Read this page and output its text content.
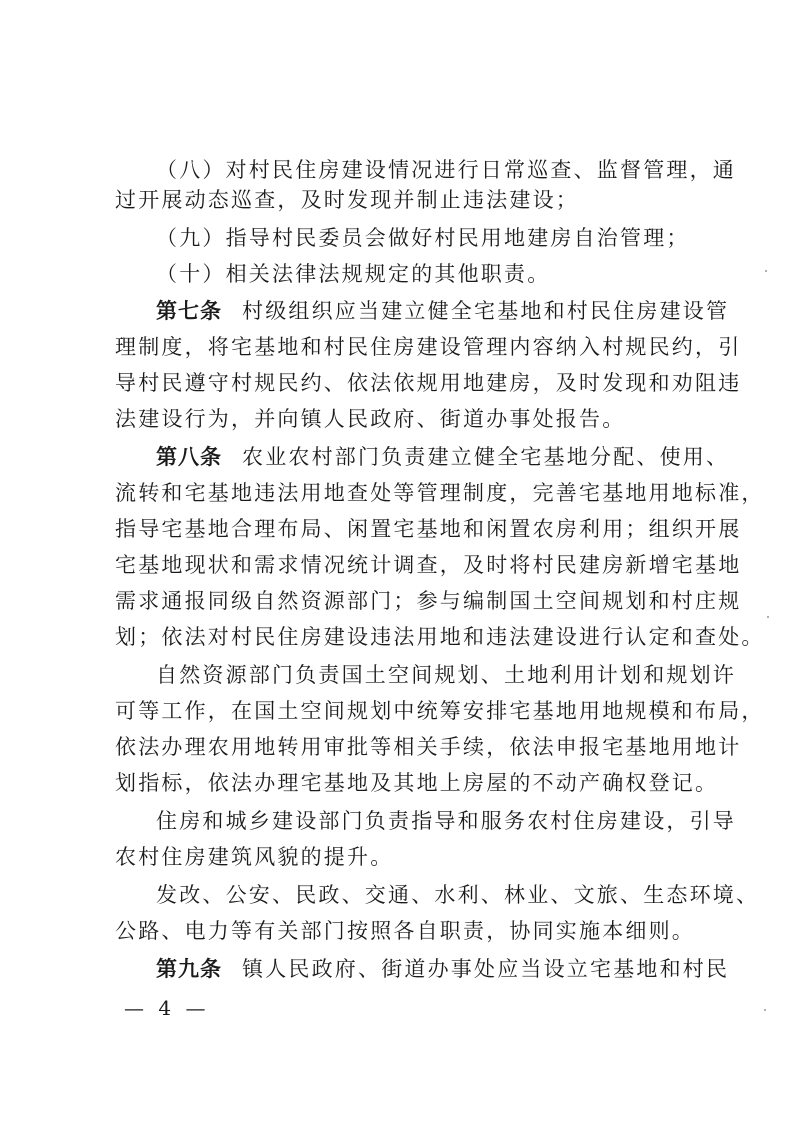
（八）对村民住房建设情况进行日常巡查、监督管理，通
过开展动态巡查，及时发现并制止违法建设；
（九）指导村民委员会做好村民用地建房自治管理；
（十）相关法律法规规定的其他职责。
第七条 村级组织应当建立健全宅基地和村民住房建设管
理制度，将宅基地和村民住房建设管理内容纳入村规民约，引
导村民遵守村规民约、依法依规用地建房，及时发现和劝阻违
法建设行为，并向镇人民政府、街道办事处报告。
第八条 农业农村部门负责建立健全宅基地分配、使用、
流转和宅基地违法用地查处等管理制度，完善宅基地用地标准，
指导宅基地合理布局、闲置宅基地和闲置农房利用；组织开展
宅基地现状和需求情况统计调查，及时将村民建房新增宅基地
需求通报同级自然资源部门；参与编制国土空间规划和村庄规
划；依法对村民住房建设违法用地和违法建设进行认定和查处。
自然资源部门负责国土空间规划、土地利用计划和规划许
可等工作，在国土空间规划中统筹安排宅基地用地规模和布局，
依法办理农用地转用审批等相关手续，依法申报宅基地用地计
划指标，依法办理宅基地及其地上房屋的不动产确权登记。
住房和城乡建设部门负责指导和服务农村住房建设，引导
农村住房建筑风貌的提升。
发改、公安、民政、交通、水利、林业、文旅、生态环境、
公路、电力等有关部门按照各自职责，协同实施本细则。
第九条 镇人民政府、街道办事处应当设立宅基地和村民
— 4 —
